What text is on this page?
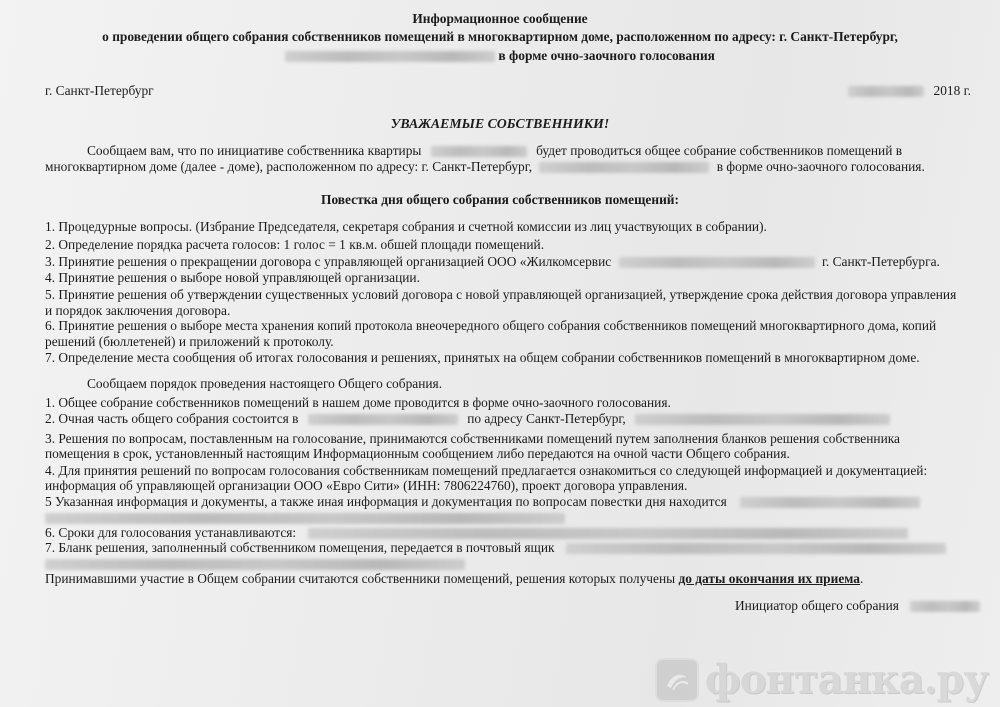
Информационное сообщение
о проведении общего собрания собственников помещений в многоквартирном доме, расположенном по адресу: г. Санкт-Петербург,
в форме очно-заочного голосования
г. Санкт-Петербург	2018 г.
УВАЖАЕМЫЕ СОБСТВЕННИКИ!
Сообщаем вам, что по инициативе собственника квартиры	будет проводиться общее собрание собственников помещений в
многоквартирном доме (далее - доме), расположенном по адресу: г. Санкт-Петербург,	в форме очно-заочного голосования.
Повестка дня общего собрания собственников помещений:
1. Процедурные вопросы. (Избрание Председателя, секретаря собрания и счетной комиссии из лиц участвующих в собрании).
2. Определение порядка расчета голосов: 1 голос = 1 кв.м. обшей площади помещений.
3. Принятие решения о прекращении договора с управляющей организацией ООО «Жилкомсервис	г. Санкт-Петербурга.
4. Принятие решения о выборе новой управляющей организации.
5. Принятие решения об утверждении существенных условий договора с новой управляющей организацией, утверждение срока действия договора управления
и порядок заключения договора.
6. Принятие решения о выборе места хранения копий протокола внеочередного общего собрания собственников помещений многоквартирного дома, копий
решений (бюллетеней) и приложений к протоколу.
7. Определение места сообщения об итогах голосования и решениях, принятых на общем собрании собственников помещений в многоквартирном доме.
Сообщаем порядок проведения настоящего Общего собрания.
1. Общее собрание собственников помещений в нашем доме проводится в форме очно-заочного голосования.
2. Очная часть общего собрания состоится в	по адресу Санкт-Петербург,
3. Решения по вопросам, поставленным на голосование, принимаются собственниками помещений путем заполнения бланков решения собственника
помещения в срок, установленный настоящим Информационным сообщением либо передаются на очной части Общего собрания.
4. Для принятия решений по вопросам голосования собственникам помещений предлагается ознакомиться со следующей информацией и документацией:
информация об управляющей организации ООО «Евро Сити» (ИНН: 7806224760), проект договора управления.
5 Указанная информация и документы, а также иная информация и документация по вопросам повестки дня находится
6. Сроки для голосования устанавливаются:
7. Бланк решения, заполненный собственником помещения, передается в почтовый ящик
Принимавшими участие в Общем собрании считаются собственники помещений, решения которых получены до даты окончания их приема.
Инициатор общего собрания
фонтанка.ру
